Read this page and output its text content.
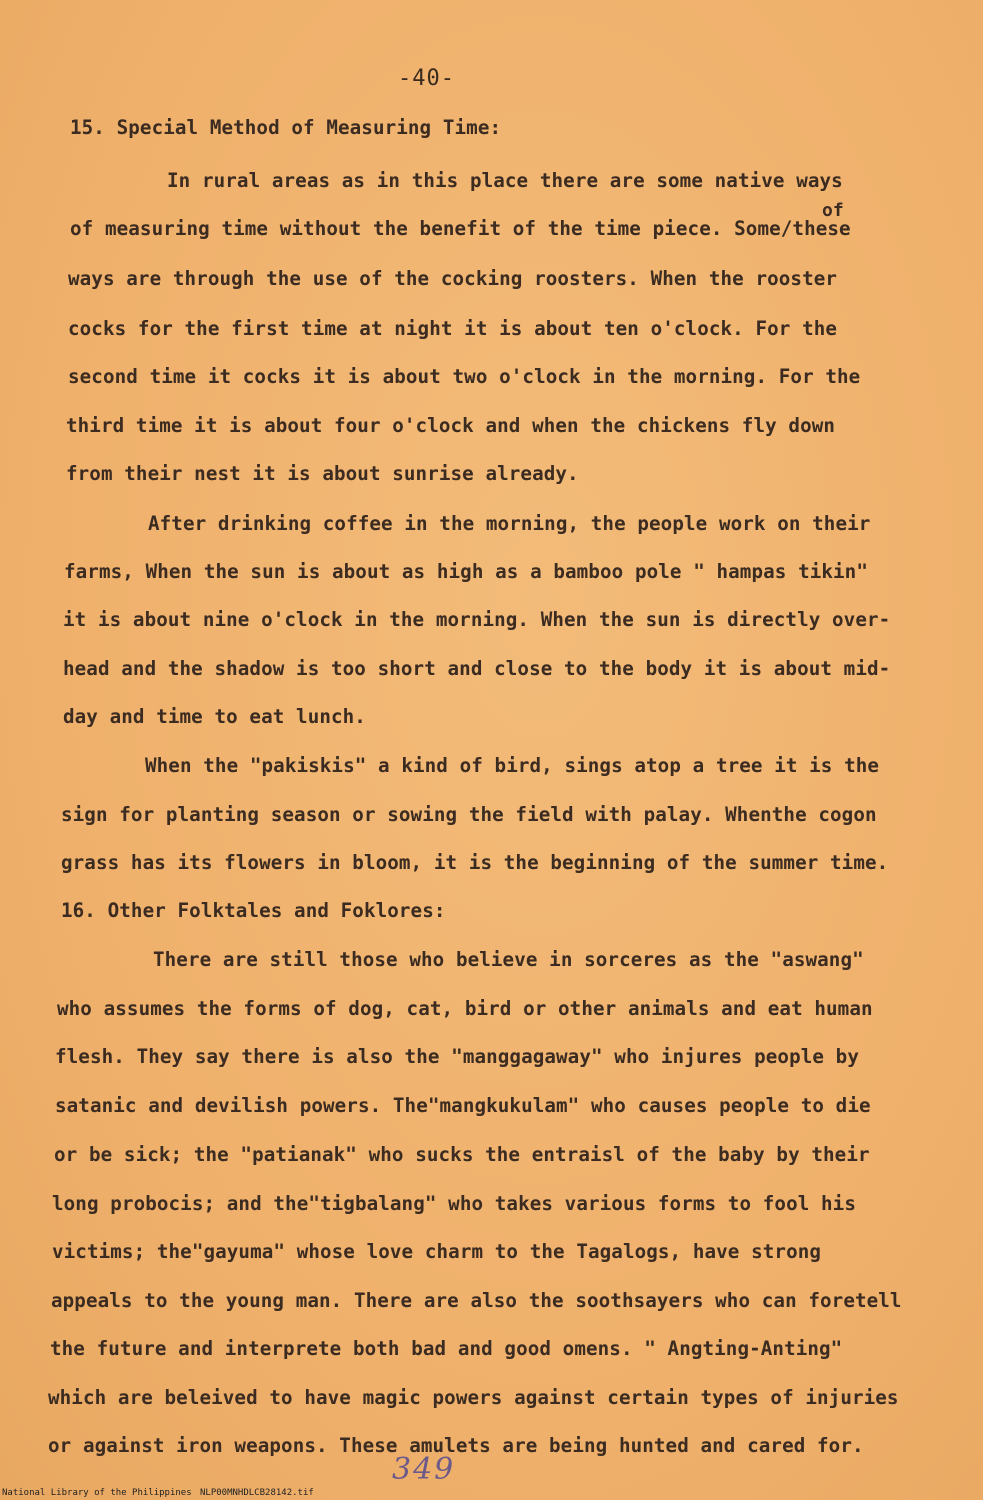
-40-
15. Special Method of Measuring Time:
In rural areas as in this place there are some native ways
of
of measuring time without the benefit of the time piece. Some/these
ways are through the use of the cocking roosters. When the rooster
cocks for the first time at night it is about ten o'clock. For the
second time it cocks it is about two o'clock in the morning. For the
third time it is about four o'clock and when the chickens fly down
from their nest it is about sunrise already.
After drinking coffee in the morning, the people work on their
farms, When the sun is about as high as a bamboo pole " hampas tikin"
it is about nine o'clock in the morning. When the sun is directly over-
head and the shadow is too short and close to the body it is about mid-
day and time to eat lunch.
When the "pakiskis" a kind of bird, sings atop a tree it is the
sign for planting season or sowing the field with palay. Whenthe cogon
grass has its flowers in bloom, it is the beginning of the summer time.
16. Other Folktales and Foklores:
There are still those who believe in sorceres as the "aswang"
who assumes the forms of dog, cat, bird or other animals and eat human
flesh. They say there is also the "manggagaway" who injures people by
satanic and devilish powers. The"mangkukulam" who causes people to die
or be sick; the "patianak" who sucks the entraisl of the baby by their
long probocis; and the"tigbalang" who takes various forms to fool his
victims; the"gayuma" whose love charm to the Tagalogs, have strong
appeals to the young man. There are also the soothsayers who can foretell
the future and interprete both bad and good omens. " Angting-Anting"
which are beleived to have magic powers against certain types of injuries
or against iron weapons. These amulets are being hunted and cared for.
349
National Library of the Philippines NLP00MNHDLCB28142.tif
